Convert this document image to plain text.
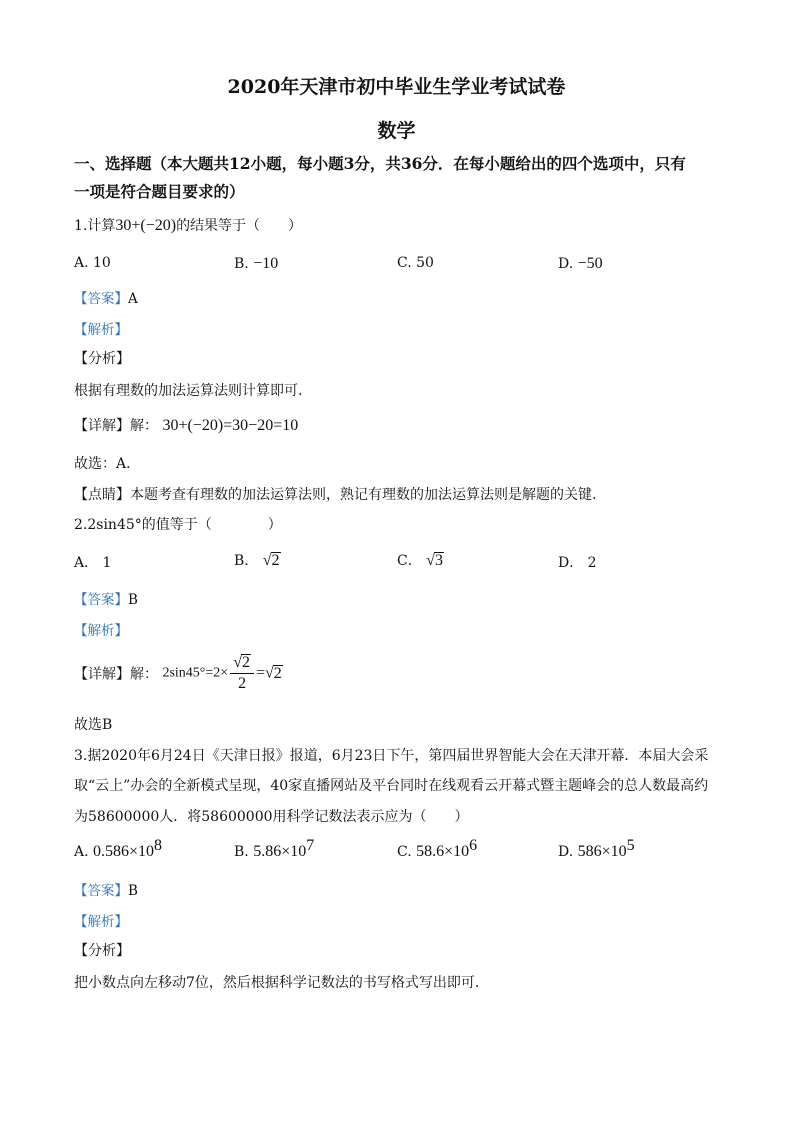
2020年天津市初中毕业生学业考试试卷
数学
一、选择题（本大题共12小题，每小题3分，共36分．在每小题给出的四个选项中，只有
一项是符合题目要求的）
1.计算30+(−20)的结果等于（　　）
A. 10	B. −10	C. 50	D. −50
【答案】A
【解析】
【分析】
根据有理数的加法运算法则计算即可.
【详解】解： 30+(−20)=30−20=10
故选：A．
【点睛】本题考查有理数的加法运算法则，熟记有理数的加法运算法则是解题的关键.
2.2sin45°的值等于（　　　　）
A． 1	B． √2	C． √3	D． 2
【答案】B
【解析】
【详解】解： $2\sin 45^\circ=2\times \frac{√2}{2} =√2$
故选B
3.据2020年6月24日《天津日报》报道，6月23日下午，第四届世界智能大会在天津开幕．本届大会采
取“云上”办会的全新模式呈现，40家直播网站及平台同时在线观看云开幕式暨主题峰会的总人数最高约
为58600000人．将58600000用科学记数法表示应为（　　）
A. $0.586\times 10^8$	B. $5.86\times 10^7$	C. $58.6\times 10^6$	D. $586\times 10^5$
【答案】B
【解析】
【分析】
把小数点向左移动7位，然后根据科学记数法的书写格式写出即可.
